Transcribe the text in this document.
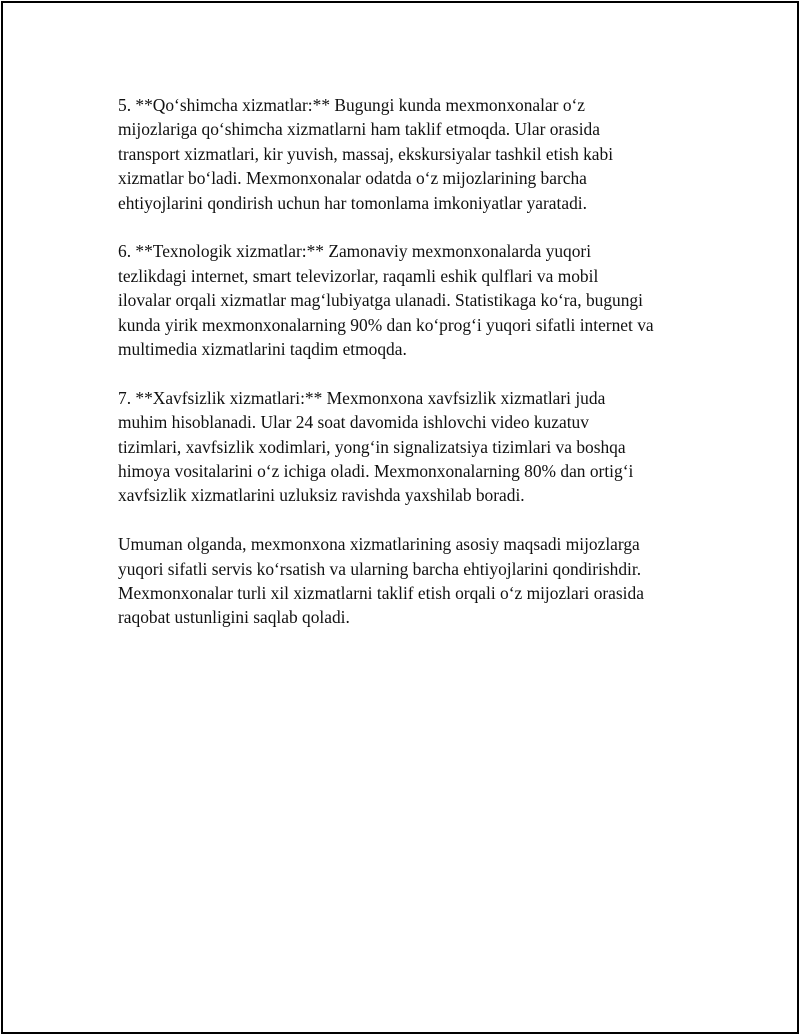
5. **Qo‘shimcha xizmatlar:** Bugungi kunda mexmonxonalar o‘z
mijozlariga qo‘shimcha xizmatlarni ham taklif etmoqda. Ular orasida
transport xizmatlari, kir yuvish, massaj, ekskursiyalar tashkil etish kabi
xizmatlar bo‘ladi. Mexmonxonalar odatda o‘z mijozlarining barcha
ehtiyojlarini qondirish uchun har tomonlama imkoniyatlar yaratadi.

6. **Texnologik xizmatlar:** Zamonaviy mexmonxonalarda yuqori
tezlikdagi internet, smart televizorlar, raqamli eshik qulflari va mobil
ilovalar orqali xizmatlar mag‘lubiyatga ulanadi. Statistikaga ko‘ra, bugungi
kunda yirik mexmonxonalarning 90% dan ko‘prog‘i yuqori sifatli internet va
multimedia xizmatlarini taqdim etmoqda.

7. **Xavfsizlik xizmatlari:** Mexmonxona xavfsizlik xizmatlari juda
muhim hisoblanadi. Ular 24 soat davomida ishlovchi video kuzatuv
tizimlari, xavfsizlik xodimlari, yong‘in signalizatsiya tizimlari va boshqa
himoya vositalarini o‘z ichiga oladi. Mexmonxonalarning 80% dan ortig‘i
xavfsizlik xizmatlarini uzluksiz ravishda yaxshilab boradi.

Umuman olganda, mexmonxona xizmatlarining asosiy maqsadi mijozlarga
yuqori sifatli servis ko‘rsatish va ularning barcha ehtiyojlarini qondirishdir.
Mexmonxonalar turli xil xizmatlarni taklif etish orqali o‘z mijozlari orasida
raqobat ustunligini saqlab qoladi.
